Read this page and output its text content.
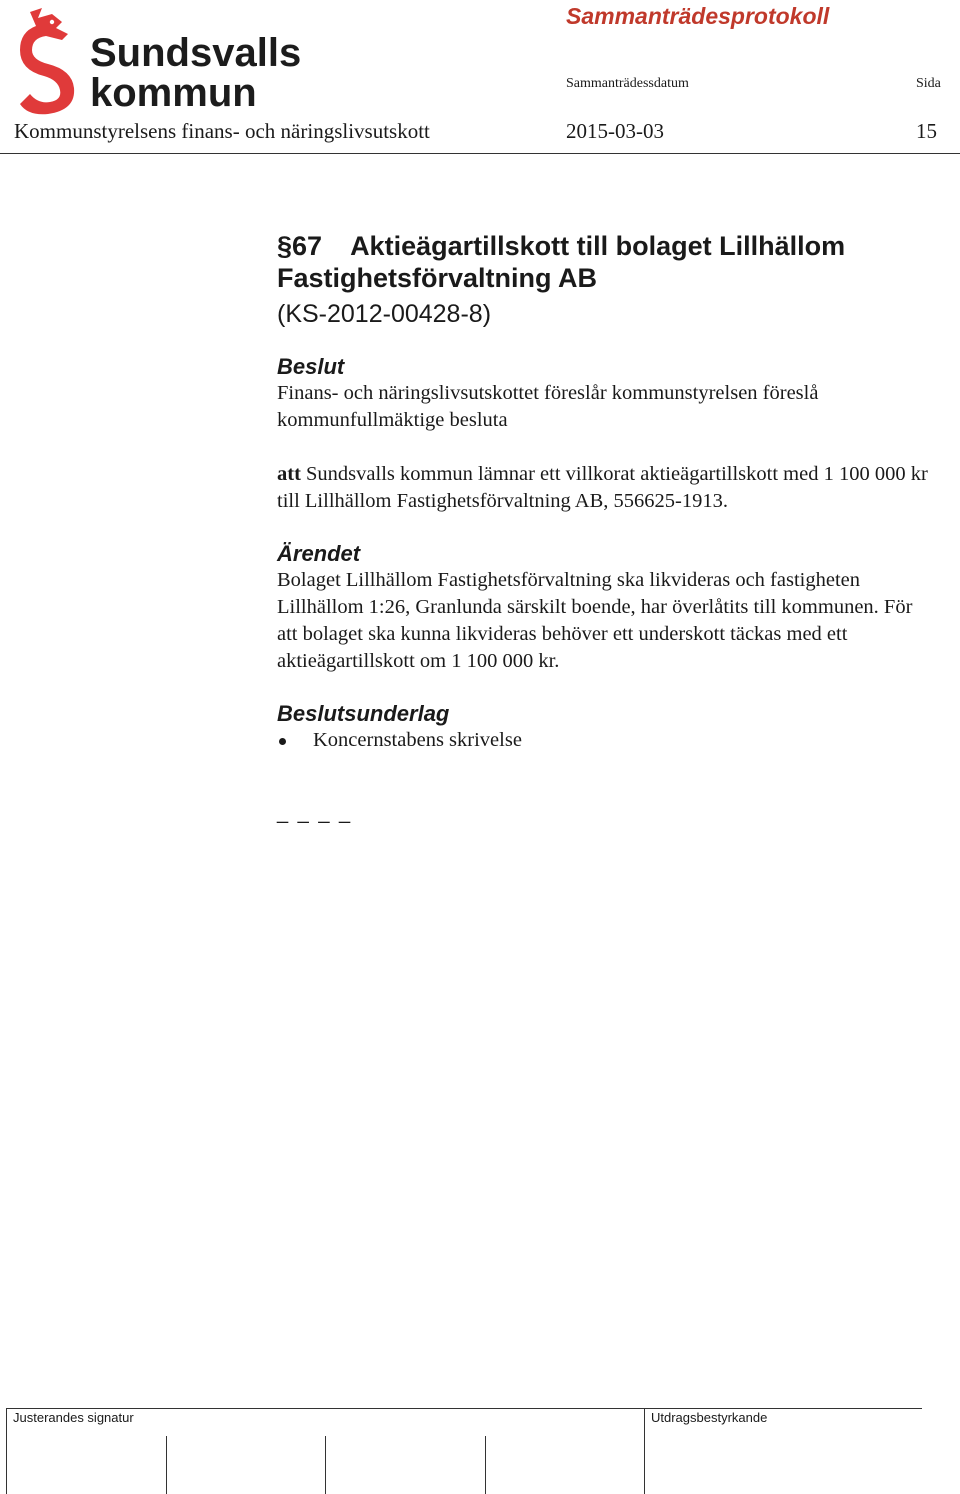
Sundsvalls
kommun
Sammanträdesprotokoll
Sammanträdessdatum	Sida
Kommunstyrelsens finans- och näringslivsutskott	2015-03-03	15
§67 Aktieägartillskott till bolaget Lillhällom Fastighetsförvaltning AB
(KS-2012-00428-8)
Beslut

Finans- och näringslivsutskottet föreslår kommunstyrelsen föreslå kommunfullmäktige besluta

att Sundsvalls kommun lämnar ett villkorat aktieägartillskott med 1 100 000 kr till Lillhällom Fastighetsförvaltning AB, 556625-1913.

Ärendet

Bolaget Lillhällom Fastighetsförvaltning ska likvideras och fastigheten Lillhällom 1:26, Granlunda särskilt boende, har överlåtits till kommunen. För att bolaget ska kunna likvideras behöver ett underskott täckas med ett aktieägartillskott om 1 100 000 kr.

Beslutsunderlag
Koncernstabens skrivelse
_ _ _ _
Justerandes signatur	Utdragsbestyrkande
